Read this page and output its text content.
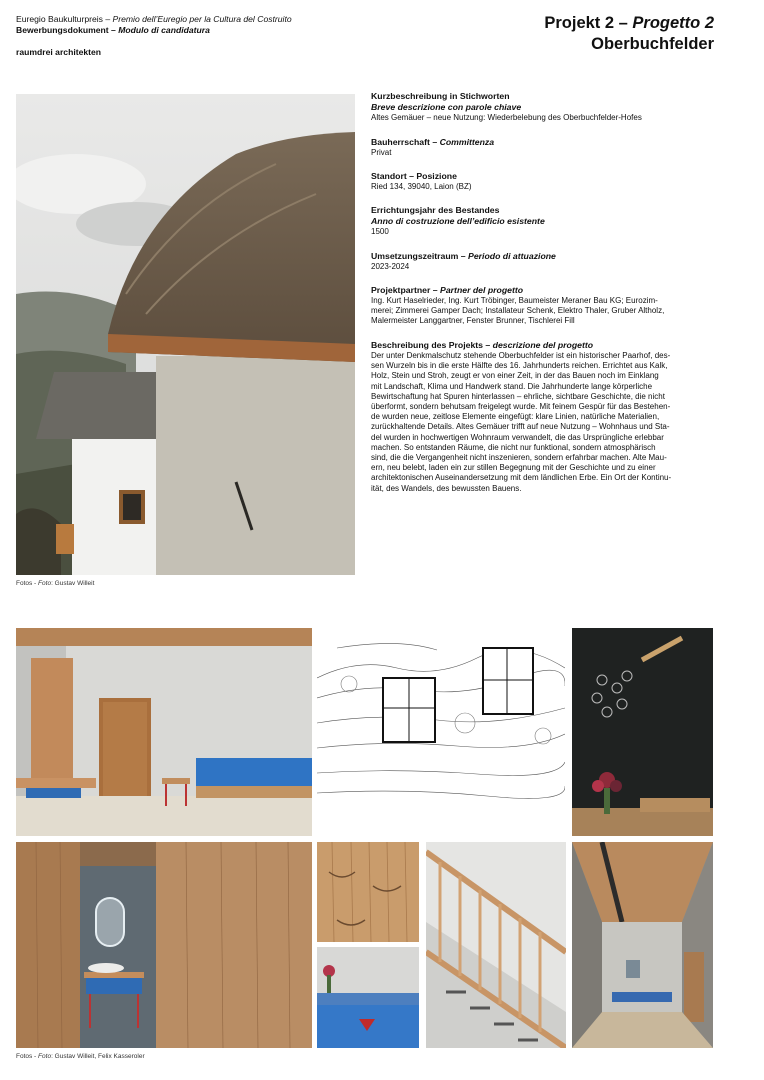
Euregio Baukulturpreis – Premio dell’Euregio per la Cultura del Costruito
Bewerbungsdokument – Modulo di candidatura
raumdrei architekten
Projekt 2 – Progetto 2
Oberbuchfelder
Fotos - Foto: Gustav Willeit
Kurzbeschreibung in Stichworten
Breve descrizione con parole chiave
Altes Gemäuer – neue Nutzung: Wiederbelebung des Oberbuchfelder-Hofes
Bauherrschaft – Committenza
Privat
Standort – Posizione
Ried 134, 39040, Laion (BZ)
Errichtungsjahr des Bestandes
Anno di costruzione dell’edificio esistente
1500
Umsetzungszeitraum – Periodo di attuazione
2023-2024
Projektpartner – Partner del progetto
Ing. Kurt Haselrieder, Ing. Kurt Tröbinger, Baumeister Meraner Bau KG; Eurozim-
merei; Zimmerei Gamper Dach; Installateur Schenk, Elektro Thaler, Gruber Altholz,
Malermeister Langgartner, Fenster Brunner, Tischlerei Fill
Beschreibung des Projekts – descrizione del progetto
Der unter Denkmalschutz stehende Oberbuchfelder ist ein historischer Paarhof, des-
sen Wurzeln bis in die erste Hälfte des 16. Jahrhunderts reichen. Errichtet aus Kalk,
Holz, Stein und Stroh, zeugt er von einer Zeit, in der das Bauen noch im Einklang
mit Landschaft, Klima und Handwerk stand. Die Jahrhunderte lange körperliche
Bewirtschaftung hat Spuren hinterlassen – ehrliche, sichtbare Geschichte, die nicht
überformt, sondern behutsam freigelegt wurde. Mit feinem Gespür für das Bestehen-
de wurden neue, zeitlose Elemente eingefügt: klare Linien, natürliche Materialien,
zurückhaltende Details. Altes Gemäuer trifft auf neue Nutzung – Wohnhaus und Sta-
del wurden in hochwertigen Wohnraum verwandelt, die das Ursprüngliche erlebbar
machen. So entstanden Räume, die nicht nur funktional, sondern atmosphärisch
sind, die die Vergangenheit nicht inszenieren, sondern erfahrbar machen. Alte Mau-
ern, neu belebt, laden ein zur stillen Begegnung mit der Geschichte und zu einer
architektonischen Auseinandersetzung mit dem ländlichen Erbe. Ein Ort der Kontinu-
ität, des Wandels, des bewussten Bauens.
Fotos - Foto: Gustav Willeit, Felix Kasseroler
